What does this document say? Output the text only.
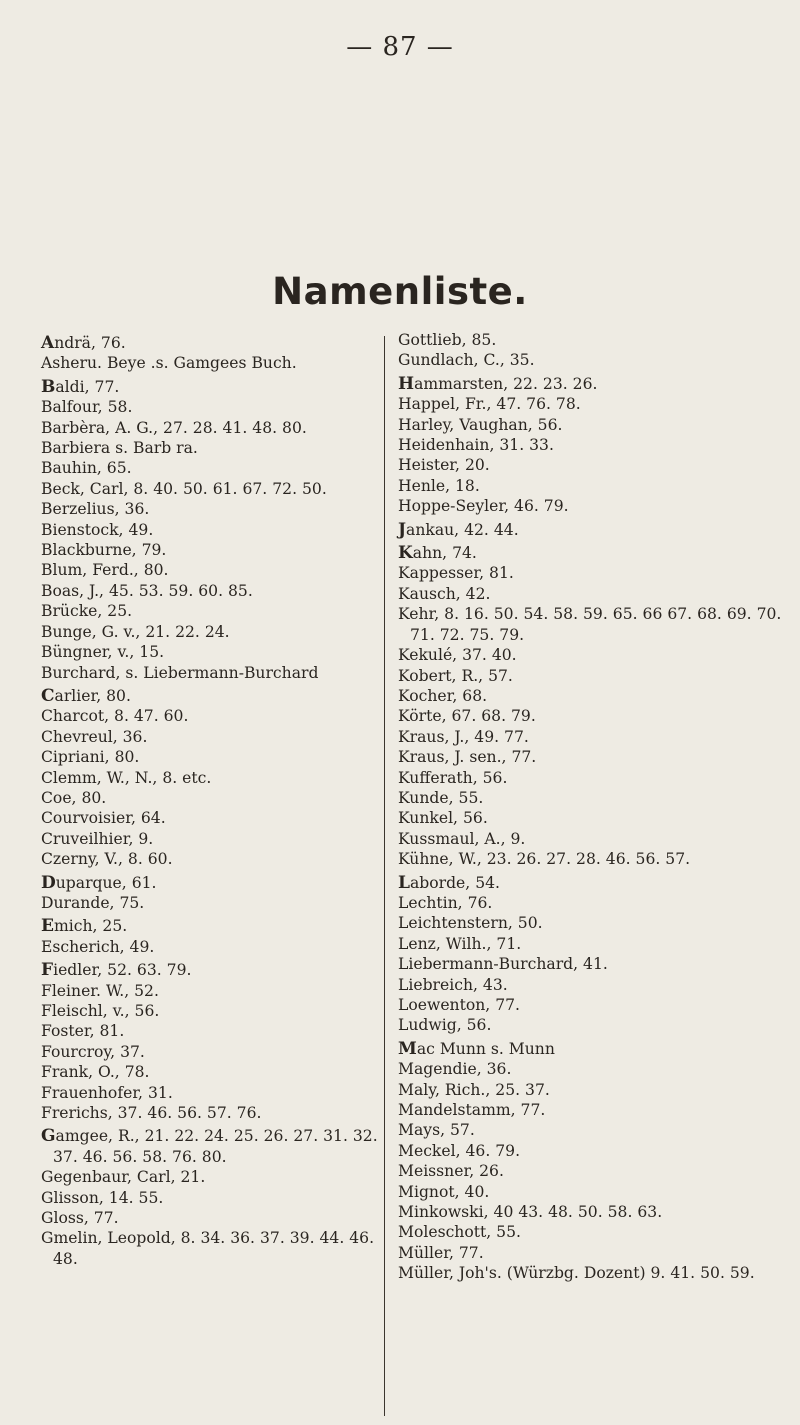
— 87 —
Namenliste.
Andrä, 76.
Asheru. Beye .s. Gamgees Buch.
Baldi, 77.
Balfour, 58.
Barbèra, A. G., 27. 28. 41. 48. 80.
Barbiera s. Barb ra.
Bauhin, 65.
Beck, Carl, 8. 40. 50. 61. 67. 72. 50.
Berzelius, 36.
Bienstock, 49.
Blackburne, 79.
Blum, Ferd., 80.
Boas, J., 45. 53. 59. 60. 85.
Brücke, 25.
Bunge, G. v., 21. 22. 24.
Büngner, v., 15.
Burchard, s. Liebermann-Burchard
Carlier, 80.
Charcot, 8. 47. 60.
Chevreul, 36.
Cipriani, 80.
Clemm, W., N., 8. etc.
Coe, 80.
Courvoisier, 64.
Cruveilhier, 9.
Czerny, V., 8. 60.
Duparque, 61.
Durande, 75.
Emich, 25.
Escherich, 49.
Fiedler, 52. 63. 79.
Fleiner. W., 52.
Fleischl, v., 56.
Foster, 81.
Fourcroy, 37.
Frank, O., 78.
Frauenhofer, 31.
Frerichs, 37. 46. 56. 57. 76.
Gamgee, R., 21. 22. 24. 25. 26. 27. 31. 32. 37. 46. 56. 58. 76. 80.
Gegenbaur, Carl, 21.
Glisson, 14. 55.
Gloss, 77.
Gmelin, Leopold, 8. 34. 36. 37. 39. 44. 46. 48.
Gottlieb, 85.
Gundlach, C., 35.
Hammarsten, 22. 23. 26.
Happel, Fr., 47. 76. 78.
Harley, Vaughan, 56.
Heidenhain, 31. 33.
Heister, 20.
Henle, 18.
Hoppe-Seyler, 46. 79.
Jankau, 42. 44.
Kahn, 74.
Kappesser, 81.
Kausch, 42.
Kehr, 8. 16. 50. 54. 58. 59. 65. 66 67. 68. 69. 70. 71. 72. 75. 79.
Kekulé, 37. 40.
Kobert, R., 57.
Kocher, 68.
Körte, 67. 68. 79.
Kraus, J., 49. 77.
Kraus, J. sen., 77.
Kufferath, 56.
Kunde, 55.
Kunkel, 56.
Kussmaul, A., 9.
Kühne, W., 23. 26. 27. 28. 46. 56. 57.
Laborde, 54.
Lechtin, 76.
Leichtenstern, 50.
Lenz, Wilh., 71.
Liebermann-Burchard, 41.
Liebreich, 43.
Loewenton, 77.
Ludwig, 56.
Mac Munn s. Munn
Magendie, 36.
Maly, Rich., 25. 37.
Mandelstamm, 77.
Mays, 57.
Meckel, 46. 79.
Meissner, 26.
Mignot, 40.
Minkowski, 40 43. 48. 50. 58. 63.
Moleschott, 55.
Müller, 77.
Müller, Joh's. (Würzbg. Dozent) 9. 41. 50. 59.
